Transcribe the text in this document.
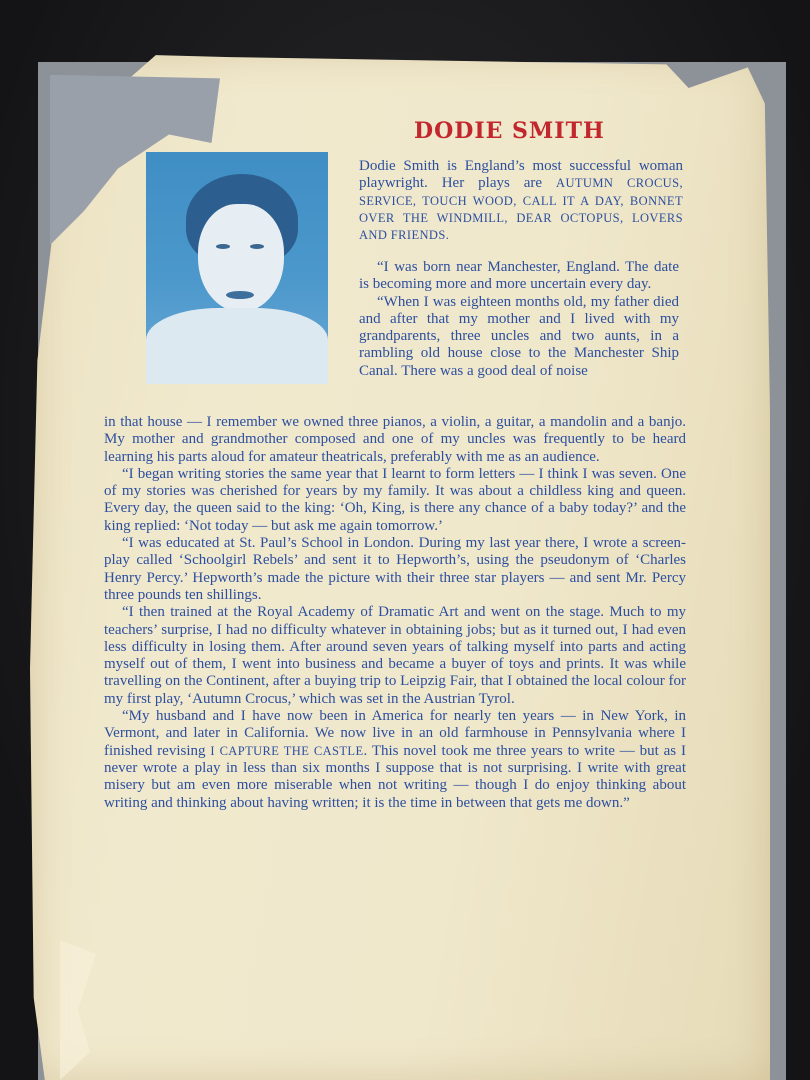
DODIE SMITH

Dodie Smith is England’s most successful woman playwright. Her plays are AUTUMN CROCUS, SERVICE, TOUCH WOOD, CALL IT A DAY, BONNET OVER THE WINDMILL, DEAR OCTOPUS, LOVERS AND FRIENDS.

“I was born near Manchester, England. The date is becoming more and more uncertain every day.

“When I was eighteen months old, my father died and after that my mother and I lived with my grandparents, three uncles and two aunts, in a rambling old house close to the Manchester Ship Canal. There was a good deal of noise

in that house — I remember we owned three pianos, a violin, a guitar, a mandolin and a banjo. My mother and grandmother composed and one of my uncles was frequently to be heard learning his parts aloud for amateur theatricals, preferably with me as an audience.

“I began writing stories the same year that I learnt to form letters — I think I was seven. One of my stories was cherished for years by my family. It was about a childless king and queen. Every day, the queen said to the king: ‘Oh, King, is there any chance of a baby today?’ and the king replied: ‘Not today — but ask me again tomorrow.’

“I was educated at St. Paul’s School in London. During my last year there, I wrote a screen-play called ‘Schoolgirl Rebels’ and sent it to Hepworth’s, using the pseudonym of ‘Charles Henry Percy.’ Hepworth’s made the picture with their three star players — and sent Mr. Percy three pounds ten shillings.

“I then trained at the Royal Academy of Dramatic Art and went on the stage. Much to my teachers’ surprise, I had no difficulty whatever in obtaining jobs; but as it turned out, I had even less difficulty in losing them. After around seven years of talking myself into parts and acting myself out of them, I went into business and became a buyer of toys and prints. It was while travelling on the Continent, after a buying trip to Leipzig Fair, that I obtained the local colour for my first play, ‘Autumn Crocus,’ which was set in the Austrian Tyrol.

“My husband and I have now been in America for nearly ten years — in New York, in Vermont, and later in California. We now live in an old farmhouse in Pennsylvania where I finished revising I CAPTURE THE CASTLE. This novel took me three years to write — but as I never wrote a play in less than six months I suppose that is not surprising. I write with great misery but am even more miserable when not writing — though I do enjoy thinking about writing and thinking about having written; it is the time in between that gets me down.”
